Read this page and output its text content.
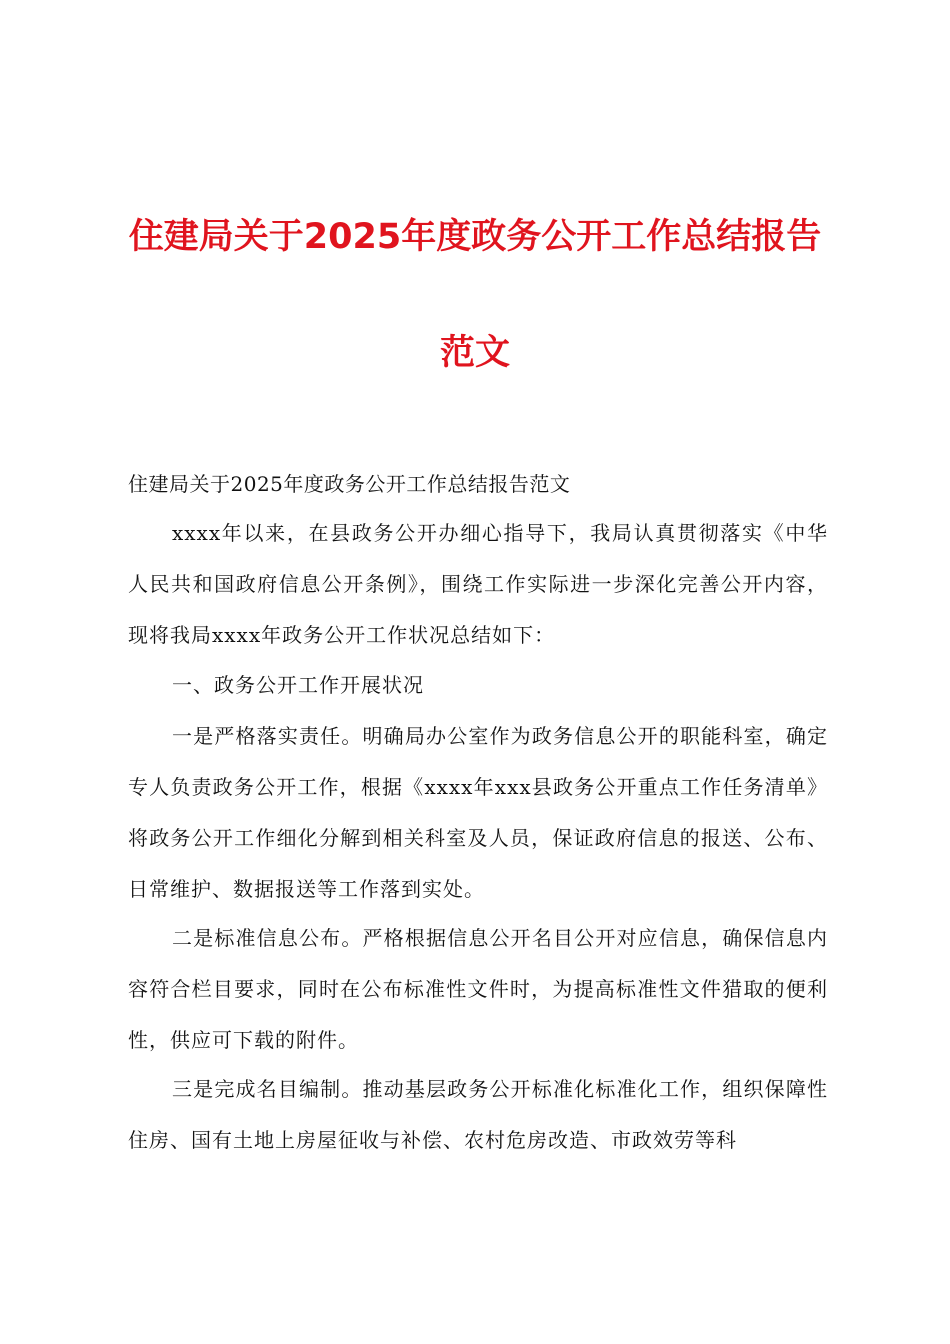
住建局关于2025年度政务公开工作总结报告
范文

住建局关于2025年度政务公开工作总结报告范文

xxxx年以来，在县政务公开办细心指导下，我局认真贯彻落实《中华人民共和国政府信息公开条例》，围绕工作实际进一步深化完善公开内容，现将我局xxxx年政务公开工作状况总结如下：

一、政务公开工作开展状况

一是严格落实责任。明确局办公室作为政务信息公开的职能科室，确定专人负责政务公开工作，根据《xxxx年xxx县政务公开重点工作任务清单》将政务公开工作细化分解到相关科室及人员，保证政府信息的报送、公布、日常维护、数据报送等工作落到实处。

二是标准信息公布。严格根据信息公开名目公开对应信息，确保信息内容符合栏目要求，同时在公布标准性文件时，为提高标准性文件猎取的便利性，供应可下载的附件。

三是完成名目编制。推动基层政务公开标准化标准化工作，组织保障性住房、国有土地上房屋征收与补偿、农村危房改造、市政效劳等科
